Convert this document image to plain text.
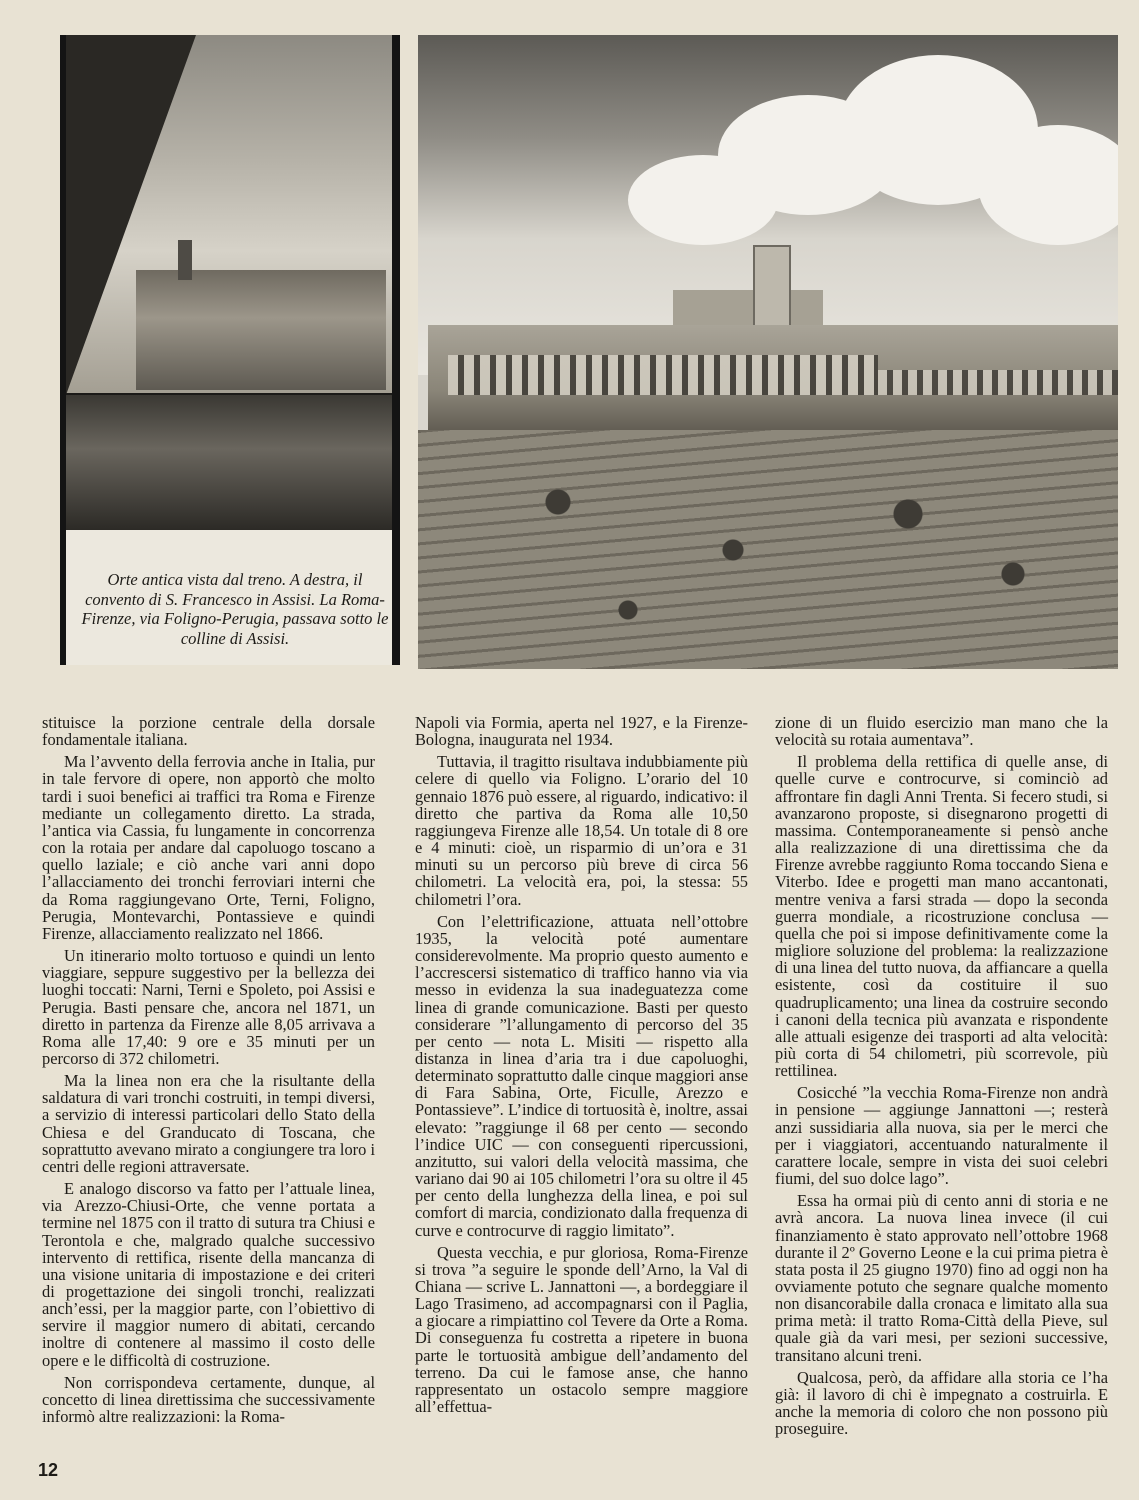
Orte antica vista dal treno. A destra, il convento di S. Francesco in Assisi. La Roma-Firenze, via Foligno-Perugia, passava sotto le colline di Assisi.

stituisce la porzione centrale della dorsale fondamentale italiana.

Ma l’avvento della ferrovia anche in Italia, pur in tale fervore di opere, non apportò che molto tardi i suoi benefici ai traffici tra Roma e Firenze mediante un collegamento diretto. La strada, l’antica via Cassia, fu lungamente in concorrenza con la rotaia per andare dal capoluogo toscano a quello laziale; e ciò anche vari anni dopo l’allacciamento dei tronchi ferroviari interni che da Roma raggiungevano Orte, Terni, Foligno, Perugia, Montevarchi, Pontassieve e quindi Firenze, allacciamento realizzato nel 1866.

Un itinerario molto tortuoso e quindi un lento viaggiare, seppure suggestivo per la bellezza dei luoghi toccati: Narni, Terni e Spoleto, poi Assisi e Perugia. Basti pensare che, ancora nel 1871, un diretto in partenza da Firenze alle 8,05 arrivava a Roma alle 17,40: 9 ore e 35 minuti per un percorso di 372 chilometri.

Ma la linea non era che la risultante della saldatura di vari tronchi costruiti, in tempi diversi, a servizio di interessi particolari dello Stato della Chiesa e del Granducato di Toscana, che soprattutto avevano mirato a congiungere tra loro i centri delle regioni attraversate.

E analogo discorso va fatto per l’attuale linea, via Arezzo-Chiusi-Orte, che venne portata a termine nel 1875 con il tratto di sutura tra Chiusi e Terontola e che, malgrado qualche successivo intervento di rettifica, risente della mancanza di una visione unitaria di impostazione e dei criteri di progettazione dei singoli tronchi, realizzati anch’essi, per la maggior parte, con l’obiettivo di servire il maggior numero di abitati, cercando inoltre di contenere al massimo il costo delle opere e le difficoltà di costruzione.

Non corrispondeva certamente, dunque, al concetto di linea direttissima che successivamente informò altre realizzazioni: la Roma-

Napoli via Formia, aperta nel 1927, e la Firenze-Bologna, inaugurata nel 1934.

Tuttavia, il tragitto risultava indubbiamente più celere di quello via Foligno. L’orario del 10 gennaio 1876 può essere, al riguardo, indicativo: il diretto che partiva da Roma alle 10,50 raggiungeva Firenze alle 18,54. Un totale di 8 ore e 4 minuti: cioè, un risparmio di un’ora e 31 minuti su un percorso più breve di circa 56 chilometri. La velocità era, poi, la stessa: 55 chilometri l’ora.

Con l’elettrificazione, attuata nell’ottobre 1935, la velocità poté aumentare considerevolmente. Ma proprio questo aumento e l’accrescersi sistematico di traffico hanno via via messo in evidenza la sua inadeguatezza come linea di grande comunicazione. Basti per questo considerare ”l’allungamento di percorso del 35 per cento — nota L. Misiti — rispetto alla distanza in linea d’aria tra i due capoluoghi, determinato soprattutto dalle cinque maggiori anse di Fara Sabina, Orte, Ficulle, Arezzo e Pontassieve”. L’indice di tortuosità è, inoltre, assai elevato: ”raggiunge il 68 per cento — secondo l’indice UIC — con conseguenti ripercussioni, anzitutto, sui valori della velocità massima, che variano dai 90 ai 105 chilometri l’ora su oltre il 45 per cento della lunghezza della linea, e poi sul comfort di marcia, condizionato dalla frequenza di curve e controcurve di raggio limitato”.

Questa vecchia, e pur gloriosa, Roma-Firenze si trova ”a seguire le sponde dell’Arno, la Val di Chiana — scrive L. Jannattoni —, a bordeggiare il Lago Trasimeno, ad accompagnarsi con il Paglia, a giocare a rimpiattino col Tevere da Orte a Roma. Di conseguenza fu costretta a ripetere in buona parte le tortuosità ambigue dell’andamento del terreno. Da cui le famose anse, che hanno rappresentato un ostacolo sempre maggiore all’effettua-

zione di un fluido esercizio man mano che la velocità su rotaia aumentava”.

Il problema della rettifica di quelle anse, di quelle curve e controcurve, si cominciò ad affrontare fin dagli Anni Trenta. Si fecero studi, si avanzarono proposte, si disegnarono progetti di massima. Contemporaneamente si pensò anche alla realizzazione di una direttissima che da Firenze avrebbe raggiunto Roma toccando Siena e Viterbo. Idee e progetti man mano accantonati, mentre veniva a farsi strada — dopo la seconda guerra mondiale, a ricostruzione conclusa — quella che poi si impose definitivamente come la migliore soluzione del problema: la realizzazione di una linea del tutto nuova, da affiancare a quella esistente, così da costituire il suo quadruplicamento; una linea da costruire secondo i canoni della tecnica più avanzata e rispondente alle attuali esigenze dei trasporti ad alta velocità: più corta di 54 chilometri, più scorrevole, più rettilinea.

Cosicché ”la vecchia Roma-Firenze non andrà in pensione — aggiunge Jannattoni —; resterà anzi sussidiaria alla nuova, sia per le merci che per i viaggiatori, accentuando naturalmente il carattere locale, sempre in vista dei suoi celebri fiumi, del suo dolce lago”.

Essa ha ormai più di cento anni di storia e ne avrà ancora. La nuova linea invece (il cui finanziamento è stato approvato nell’ottobre 1968 durante il 2º Governo Leone e la cui prima pietra è stata posta il 25 giugno 1970) fino ad oggi non ha ovviamente potuto che segnare qualche momento non disancorabile dalla cronaca e limitato alla sua prima metà: il tratto Roma-Città della Pieve, sul quale già da vari mesi, per sezioni successive, transitano alcuni treni.

Qualcosa, però, da affidare alla storia ce l’ha già: il lavoro di chi è impegnato a costruirla. E anche la memoria di coloro che non possono più proseguire.

12
